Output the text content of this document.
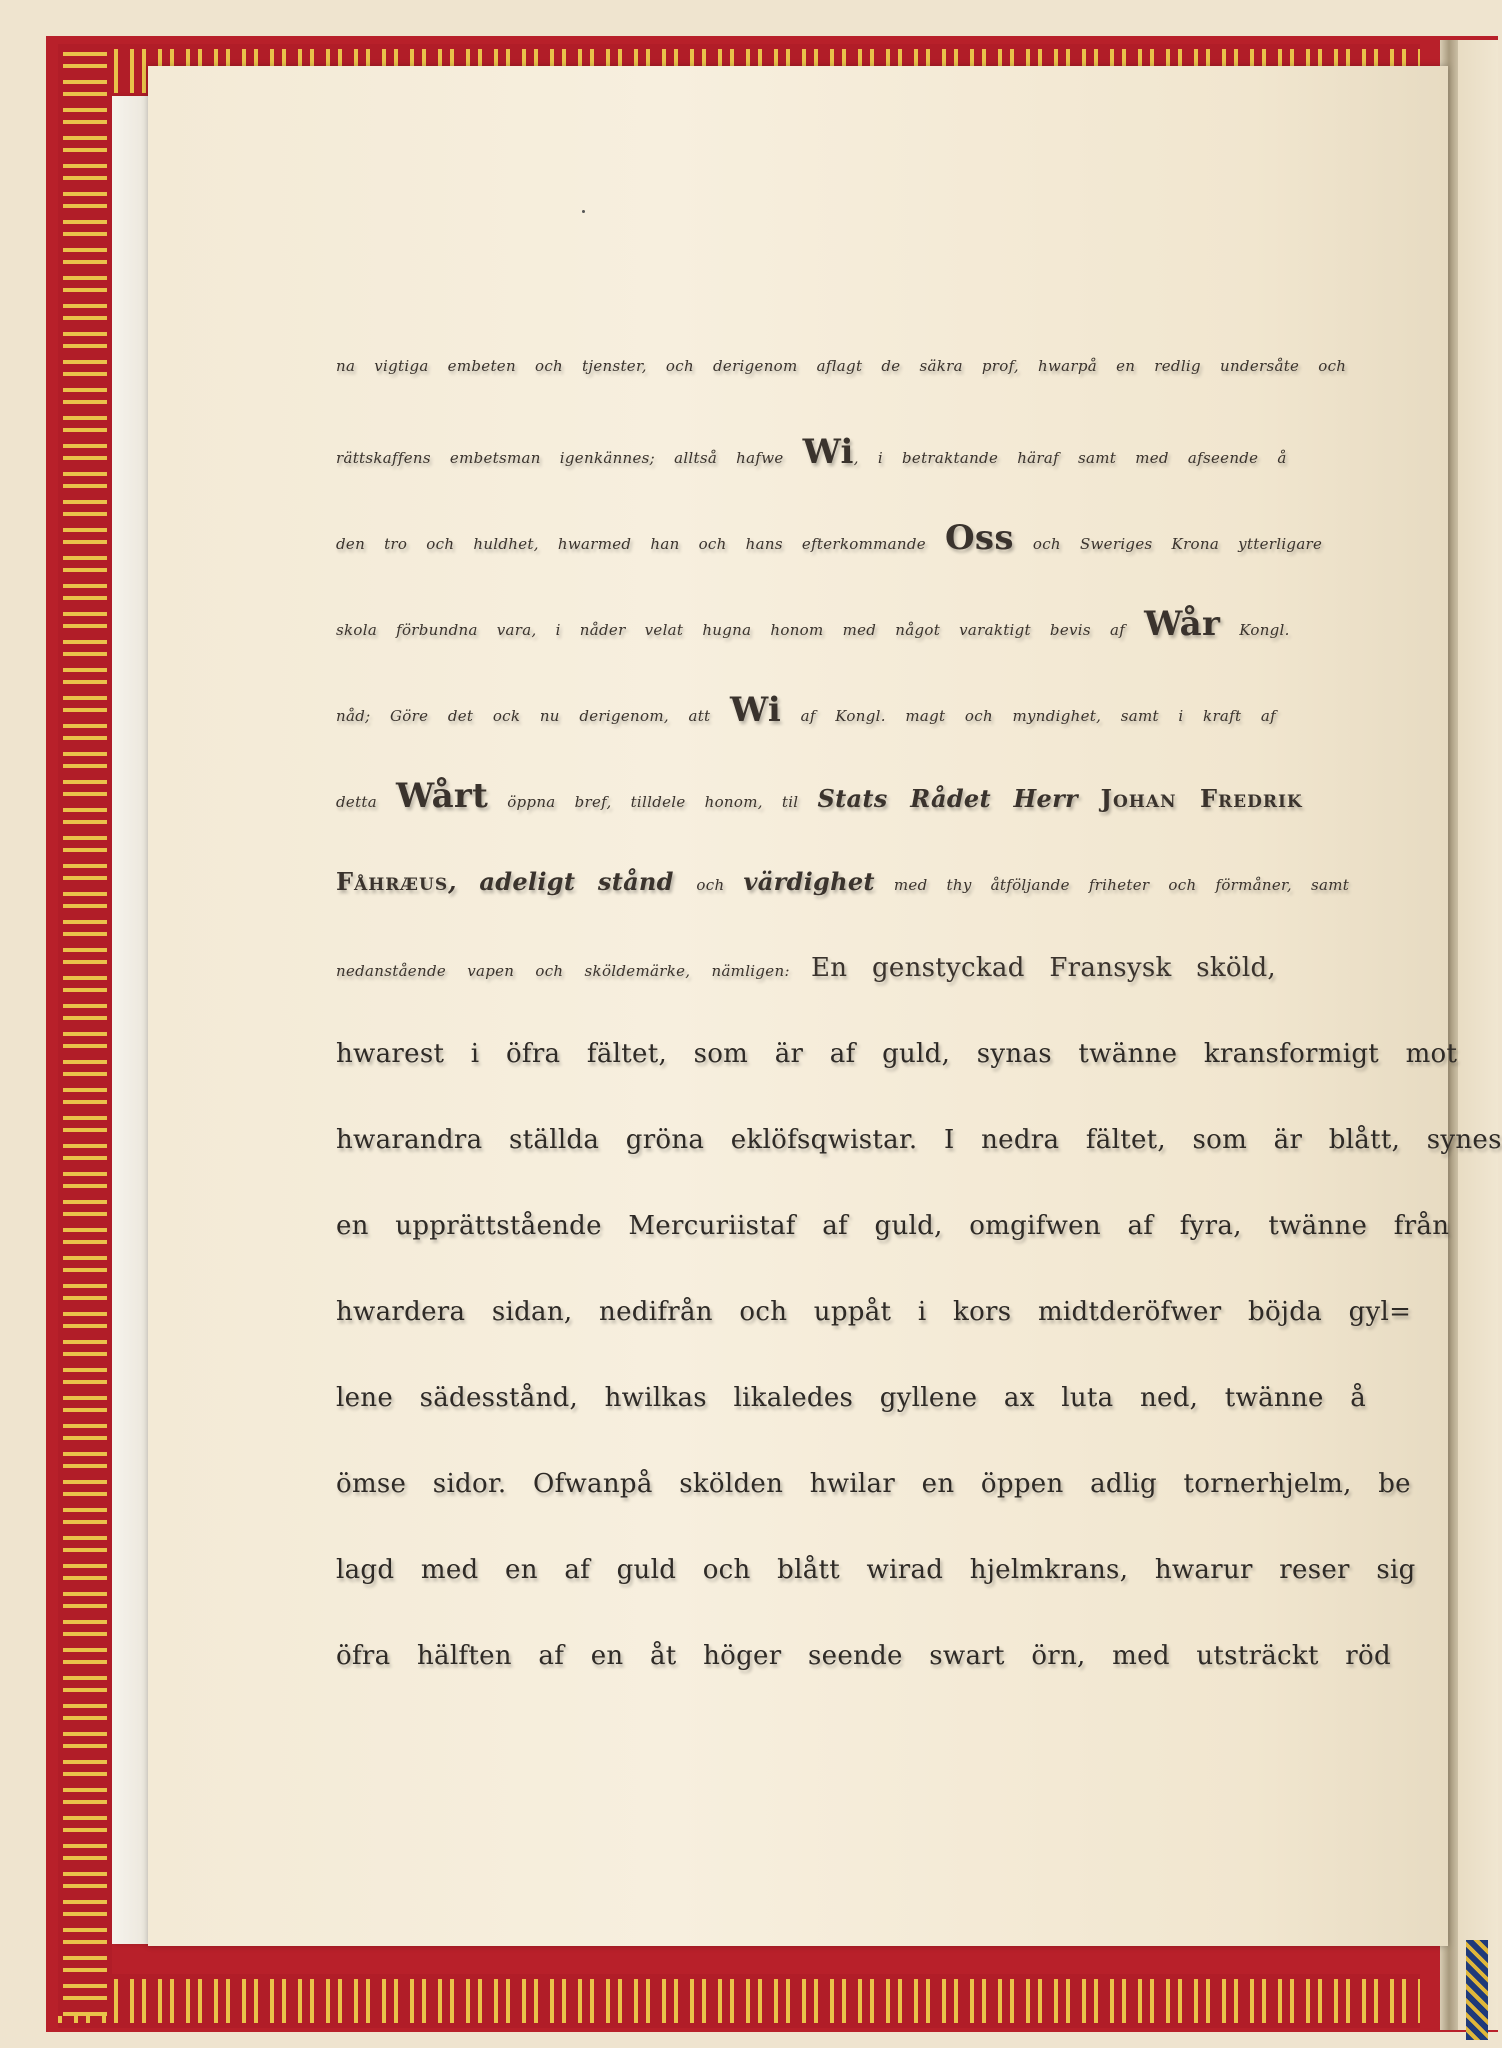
na vigtiga embeten och tjenster, och derigenom aflagt de säkra prof, hwarpå en redlig undersåte och
rättskaffens embetsman igenkännes; alltså hafwe Wi, i betraktande häraf samt med afseende å
den tro och huldhet, hwarmed han och hans efterkommande Oss och Sweriges Krona ytterligare
skola förbundna vara, i nåder velat hugna honom med något varaktigt bevis af Wår Kongl.
nåd; Göre det ock nu derigenom, att Wi af Kongl. magt och myndighet, samt i kraft af
detta Wårt öppna bref, tilldele honom, til Stats Rådet Herr Johan Fredrik
Fåhræus, adeligt stånd och värdighet med thy åtföljande friheter och förmåner, samt
nedanstående vapen och sköldemärke, nämligen: En genstyckad Fransysk sköld,
hwarest i öfra fältet, som är af guld, synas twänne kransformigt mot
hwarandra ställda gröna eklöfsqwistar. I nedra fältet, som är blått, synes
en upprättstående Mercuriistaf af guld, omgifwen af fyra, twänne från
hwardera sidan, nedifrån och uppåt i kors midtderöfwer böjda gyl=
lene sädesstånd, hwilkas likaledes gyllene ax luta ned, twänne å
ömse sidor. Ofwanpå skölden hwilar en öppen adlig tornerhjelm, be
lagd med en af guld och blått wirad hjelmkrans, hwarur reser sig
öfra hälften af en åt höger seende swart örn, med utsträckt röd
